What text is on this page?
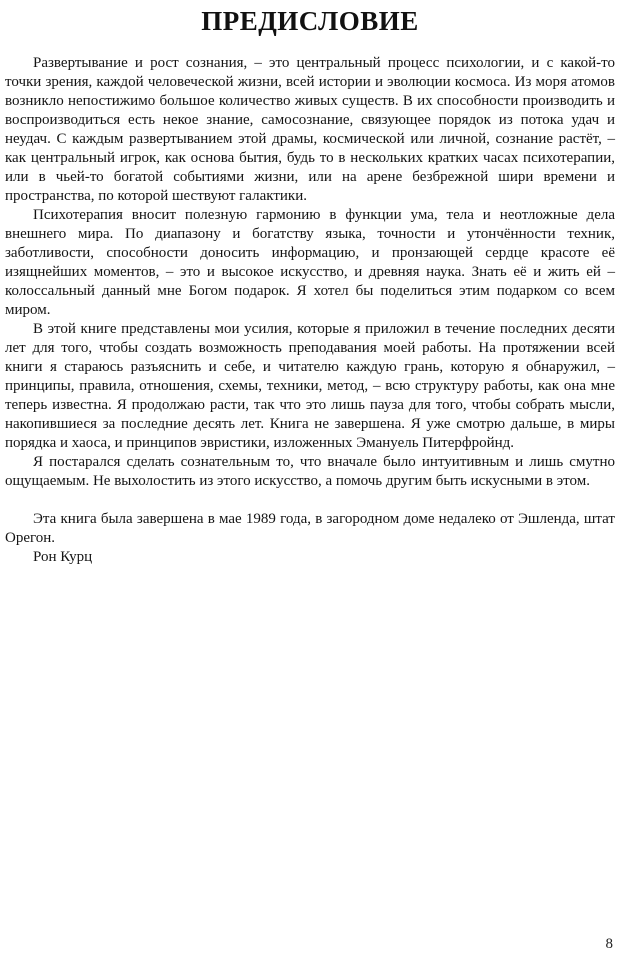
ПРЕДИСЛОВИЕ

Развертывание и рост сознания, – это центральный процесс психологии, и с какой-то точки зрения, каждой человеческой жизни, всей истории и эволюции космоса. Из моря атомов возникло непостижимо большое количество живых существ. В их способности производить и воспроизводиться есть некое знание, самосознание, связующее порядок из потока удач и неудач. С каждым развертыванием этой драмы, космической или личной, сознание растёт, – как центральный игрок, как основа бытия, будь то в нескольких кратких часах психотерапии, или в чьей-то богатой событиями жизни, или на арене безбрежной шири времени и пространства, по которой шествуют галактики.

Психотерапия вносит полезную гармонию в функции ума, тела и неотложные дела внешнего мира. По диапазону и богатству языка, точности и утончённости техник, заботливости, способности доносить информацию, и пронзающей сердце красоте её изящнейших моментов, – это и высокое искусство, и древняя наука. Знать её и жить ей – колоссальный данный мне Богом подарок. Я хотел бы поделиться этим подарком со всем миром.

В этой книге представлены мои усилия, которые я приложил в течение последних десяти лет для того, чтобы создать возможность преподавания моей работы. На протяжении всей книги я стараюсь разъяснить и себе, и читателю каждую грань, которую я обнаружил, – принципы, правила, отношения, схемы, техники, метод, – всю структуру работы, как она мне теперь известна. Я продолжаю расти, так что это лишь пауза для того, чтобы собрать мысли, накопившиеся за последние десять лет. Книга не завершена. Я уже смотрю дальше, в миры порядка и хаоса, и принципов эвристики, изложенных Эмануель Питерфройнд.

Я постарался сделать сознательным то, что вначале было интуитивным и лишь смутно ощущаемым. Не выхолостить из этого искусство, а помочь другим быть искусными в этом.

Эта книга была завершена в мае 1989 года, в загородном доме недалеко от Эшленда, штат Орегон.

Рон Курц

8
